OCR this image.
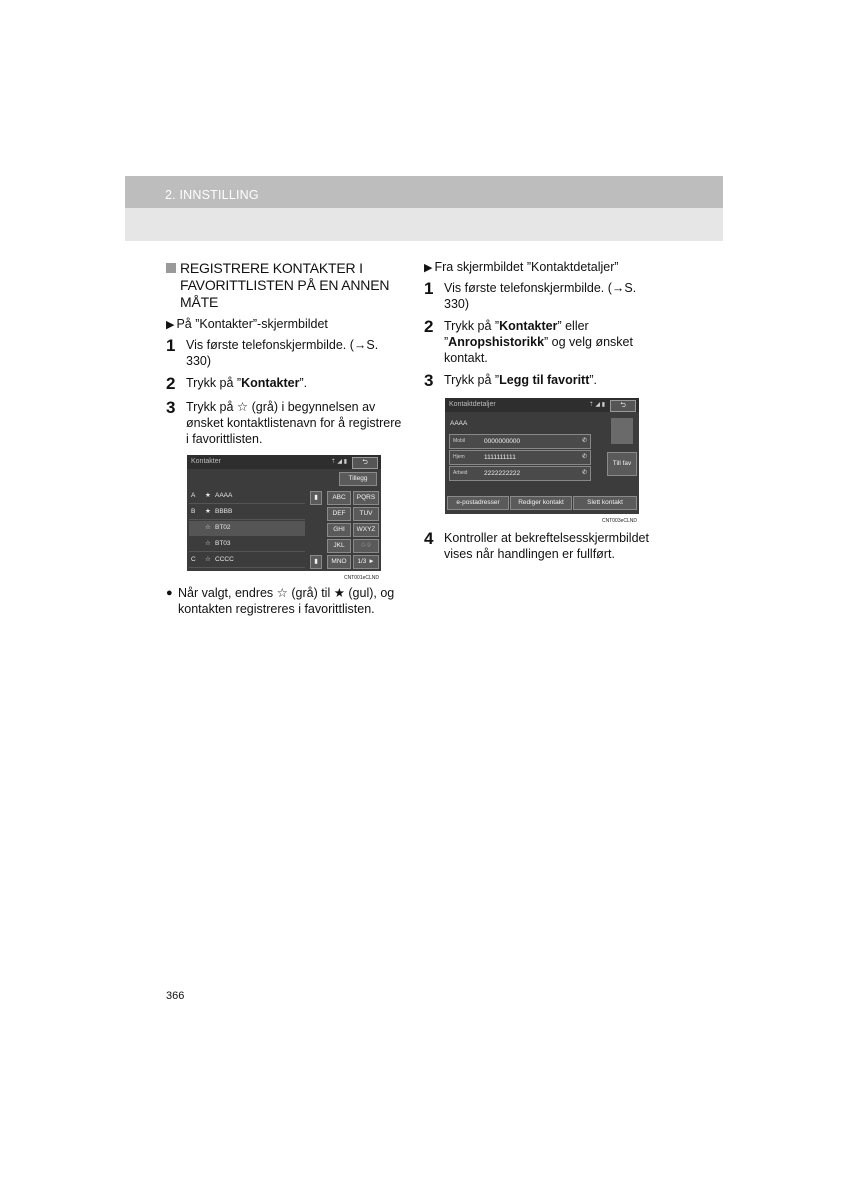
2. INNSTILLING
REGISTRERE KONTAKTER I FAVORITTLISTEN PÅ EN ANNEN MÅTE
▶ På ”Kontakter”-skjermbildet
1 Vis første telefonskjermbilde. (→S. 330)
2 Trykk på ”Kontakter”.
3 Trykk på ☆ (grå) i begynnelsen av ønsket kontaktlistenavn for å registrere i favorittlisten.
Kontakter	⇡ ◢ ▮	⮌
Tillegg
A ★ AAAA
B ★ BBBB
☆ BT02
☆ BT03
C ☆ CCCC
▮
▮
ABC	PQRS
DEF	TUV
GHI	WXYZ
JKL	0-9
MNO	1/3 ►
CNT001eCLND
● Når valgt, endres ☆ (grå) til ★ (gul), og kontakten registreres i favorittlisten.
▶ Fra skjermbildet ”Kontaktdetaljer”
1 Vis første telefonskjermbilde. (→S. 330)
2 Trykk på ”Kontakter” eller ”Anropshistorikk” og velg ønsket kontakt.
3 Trykk på ”Legg til favoritt”.
Kontaktdetaljer	⇡ ◢ ▮	⮌
AAAA
Mobil	0000000000	✆
Hjem	1111111111	✆
Arbeid	2222222222	✆
Till fav
e-postadresser	Rediger kontakt	Slett kontakt
CNT003eCLND
4 Kontroller at bekreftelsesskjermbildet vises når handlingen er fullført.
366
